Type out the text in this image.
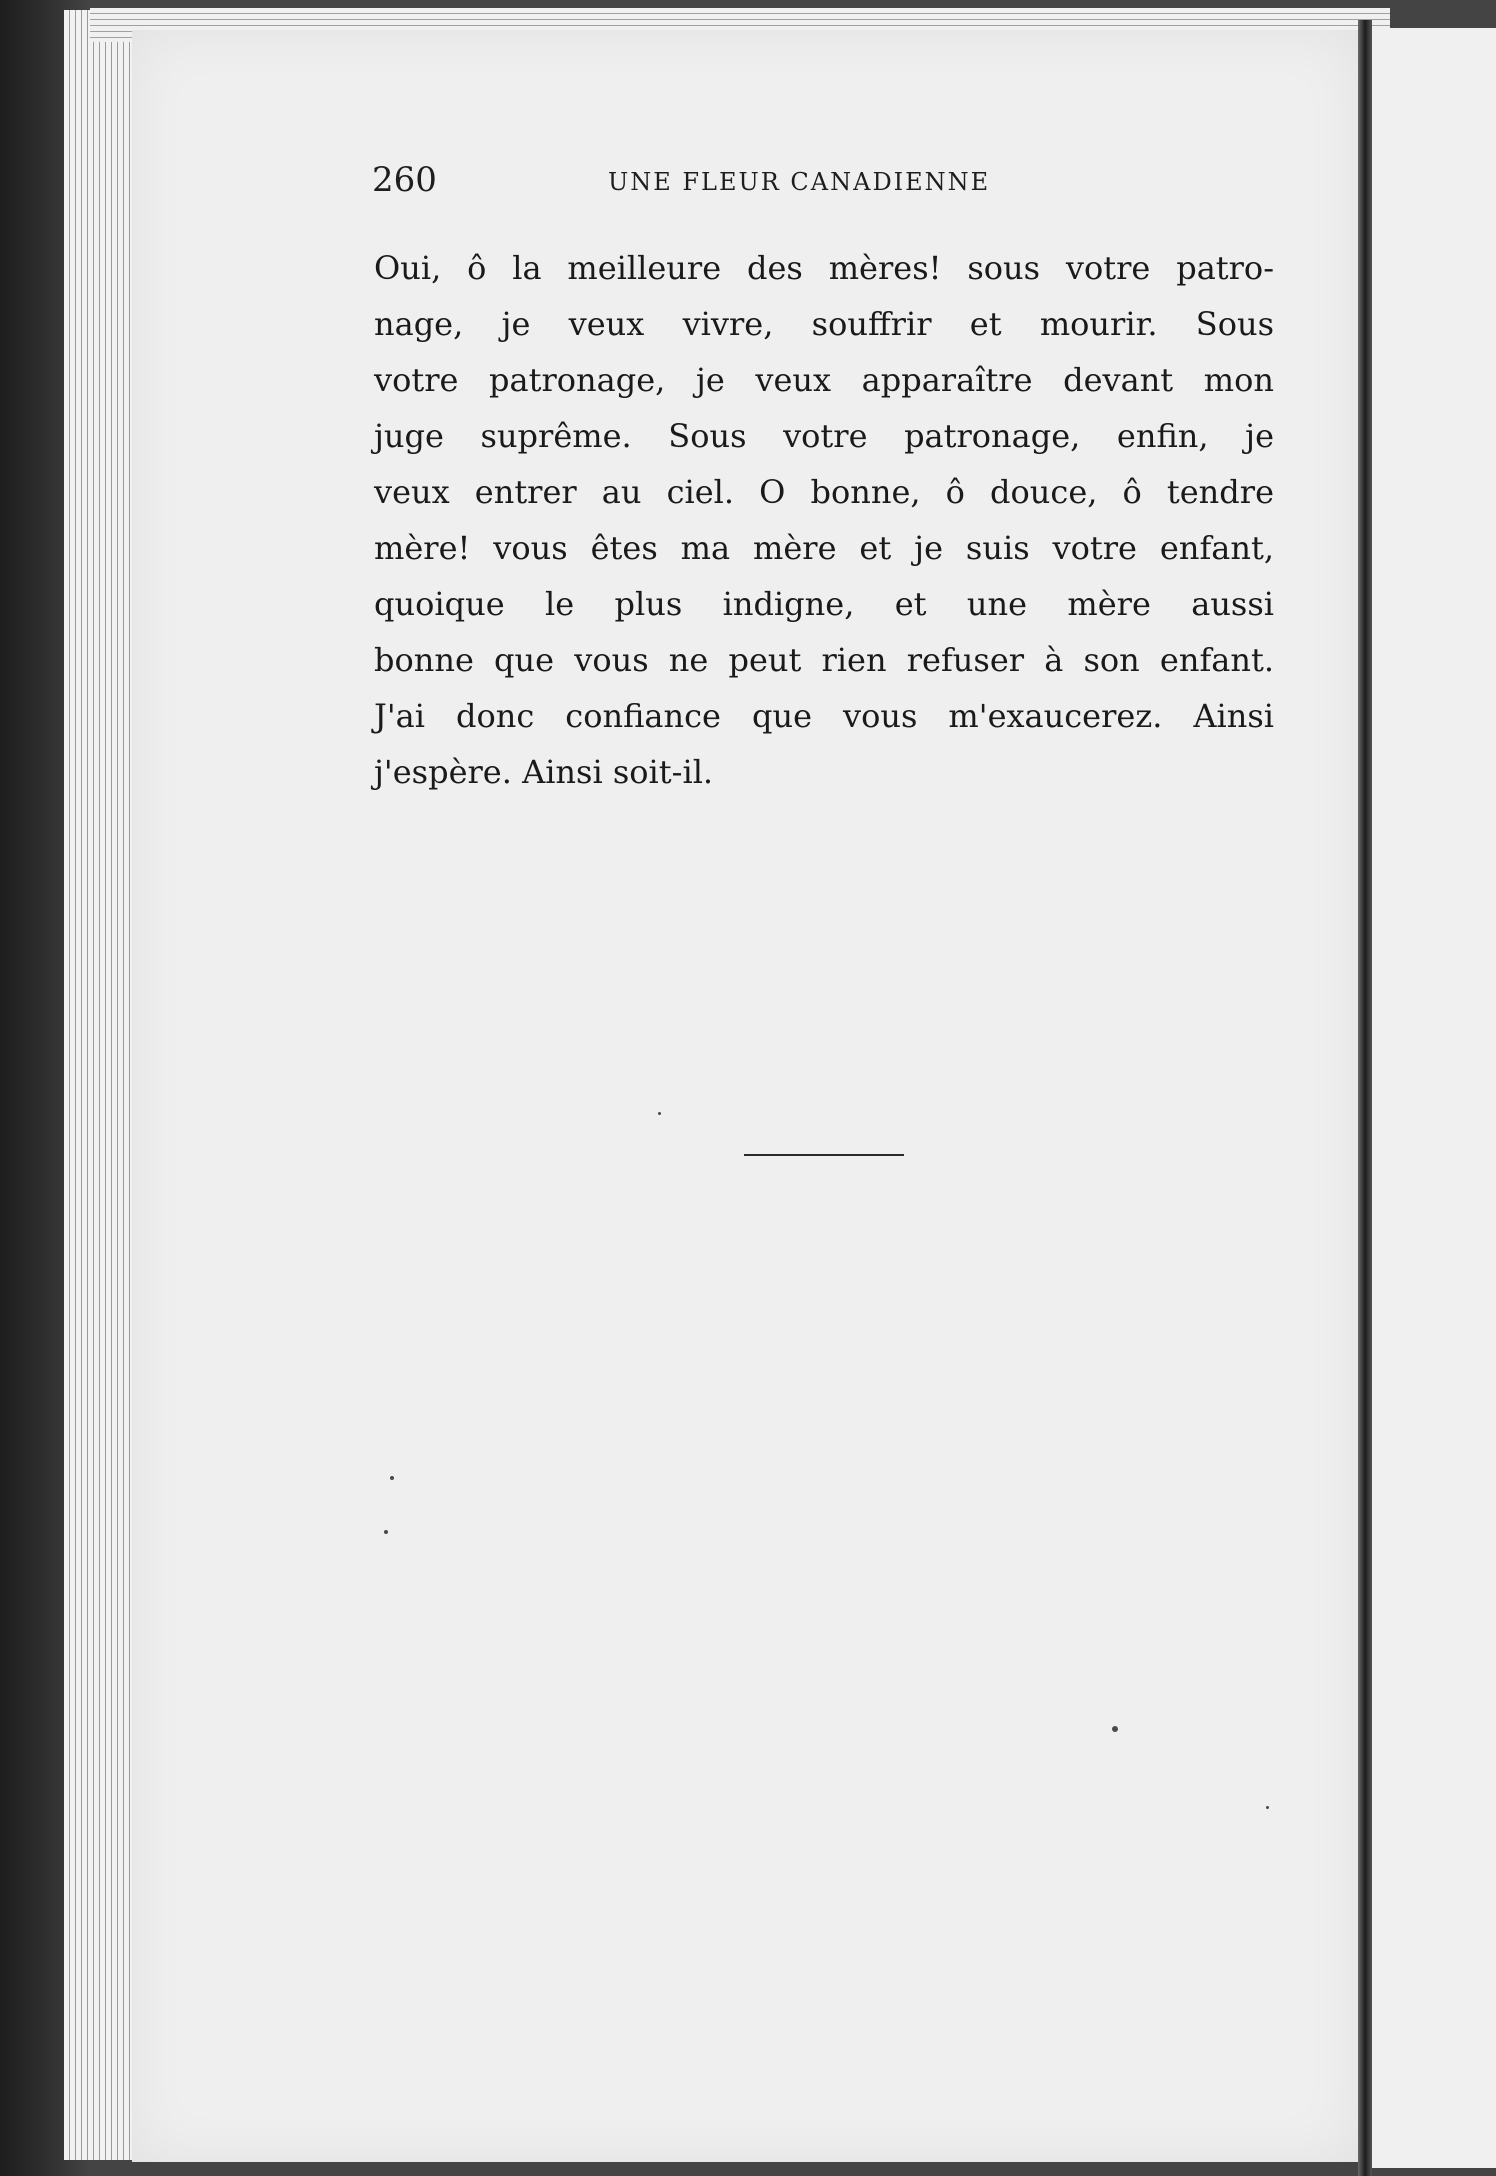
260	UNE FLEUR CANADIENNE
Oui, ô la meilleure des mères! sous votre patro-
nage, je veux vivre, souffrir et mourir. Sous
votre patronage, je veux apparaître devant mon
juge suprême. Sous votre patronage, enfin, je
veux entrer au ciel. O bonne, ô douce, ô tendre
mère! vous êtes ma mère et je suis votre enfant,
quoique le plus indigne, et une mère aussi
bonne que vous ne peut rien refuser à son enfant.
J'ai donc confiance que vous m'exaucerez. Ainsi
j'espère. Ainsi soit-il.
